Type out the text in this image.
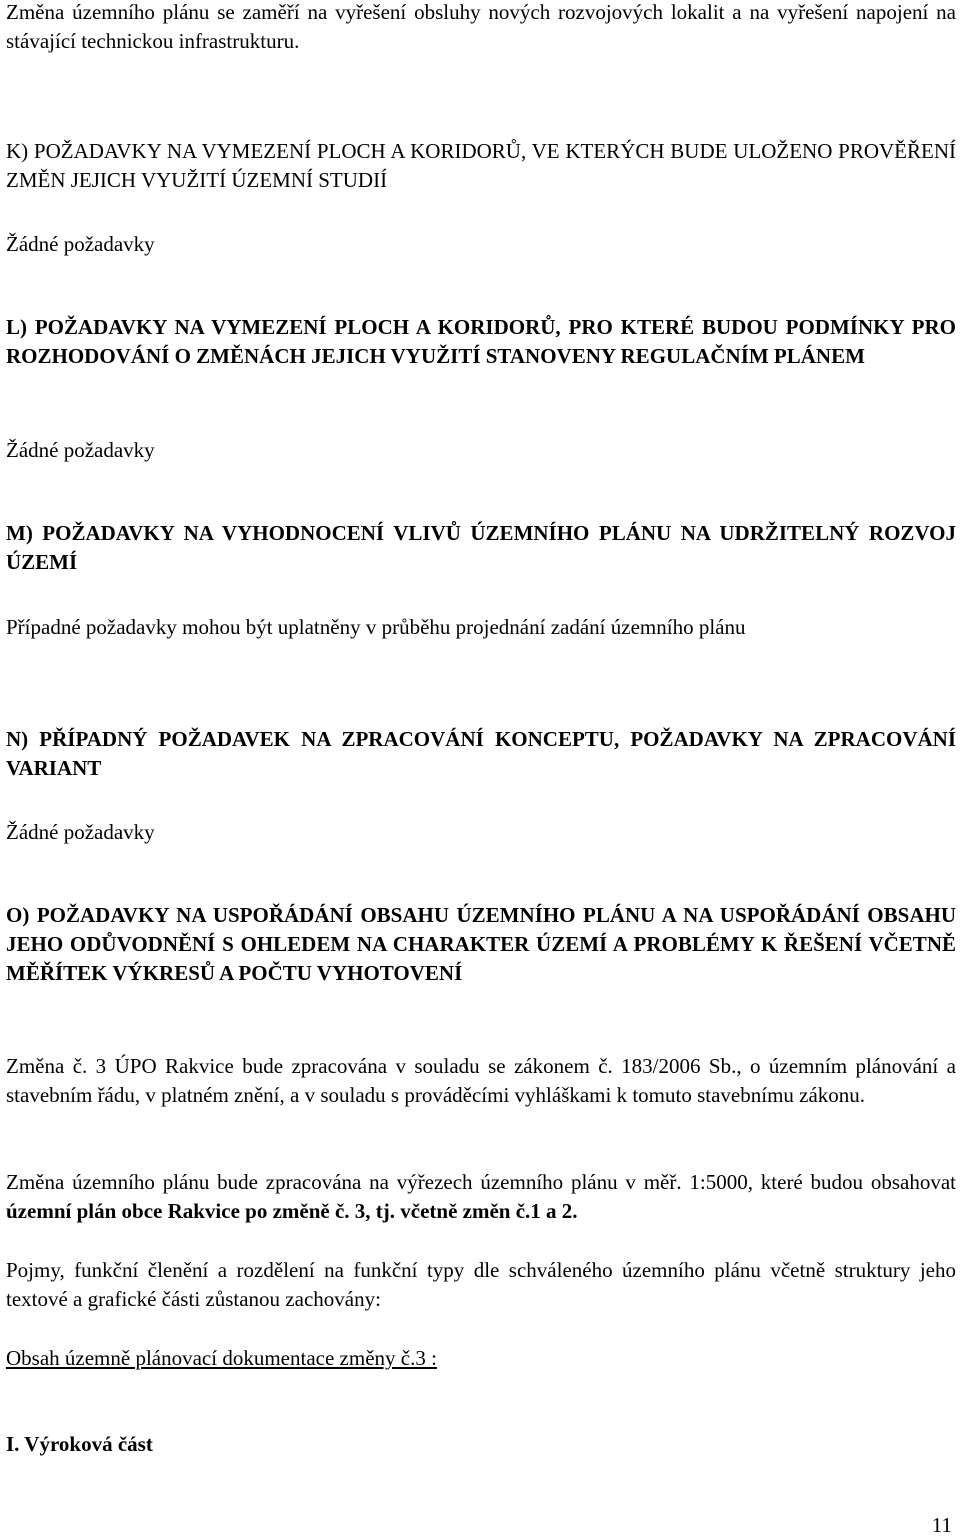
Změna územního plánu se zaměří na vyřešení obsluhy nových rozvojových lokalit a na vyřešení napojení na stávající technickou infrastrukturu.

K) POŽADAVKY NA VYMEZENÍ PLOCH A KORIDORŮ, VE KTERÝCH BUDE ULOŽENO PROVĚŘENÍ ZMĚN JEJICH VYUŽITÍ ÚZEMNÍ STUDIÍ

Žádné požadavky

L) POŽADAVKY NA VYMEZENÍ PLOCH A KORIDORŮ, PRO KTERÉ BUDOU PODMÍNKY PRO ROZHODOVÁNÍ O ZMĚNÁCH JEJICH VYUŽITÍ STANOVENY REGULAČNÍM PLÁNEM

Žádné požadavky

M) POŽADAVKY NA VYHODNOCENÍ VLIVŮ ÚZEMNÍHO PLÁNU NA UDRŽITELNÝ ROZVOJ ÚZEMÍ

Případné požadavky mohou být uplatněny v průběhu projednání zadání územního plánu

N) PŘÍPADNÝ POŽADAVEK NA ZPRACOVÁNÍ KONCEPTU, POŽADAVKY NA ZPRACOVÁNÍ VARIANT

Žádné požadavky

O) POŽADAVKY NA USPOŘÁDÁNÍ OBSAHU ÚZEMNÍHO PLÁNU A NA USPOŘÁDÁNÍ OBSAHU JEHO ODŮVODNĚNÍ S OHLEDEM NA CHARAKTER ÚZEMÍ A PROBLÉMY K ŘEŠENÍ VČETNĚ MĚŘÍTEK VÝKRESŮ A POČTU VYHOTOVENÍ

Změna č. 3 ÚPO Rakvice bude zpracována v souladu se zákonem č. 183/2006 Sb., o územním plánování a stavebním řádu, v platném znění, a v souladu s prováděcími vyhláškami k tomuto stavebnímu zákonu.

Změna územního plánu bude zpracována na výřezech územního plánu v měř. 1:5000, které budou obsahovat územní plán obce Rakvice po změně č. 3, tj. včetně změn č.1 a 2.

Pojmy, funkční členění a rozdělení na funkční typy dle schváleného územního plánu včetně struktury jeho textové a grafické části zůstanou zachovány:

Obsah územně plánovací dokumentace změny č.3 :

I. Výroková část

11
